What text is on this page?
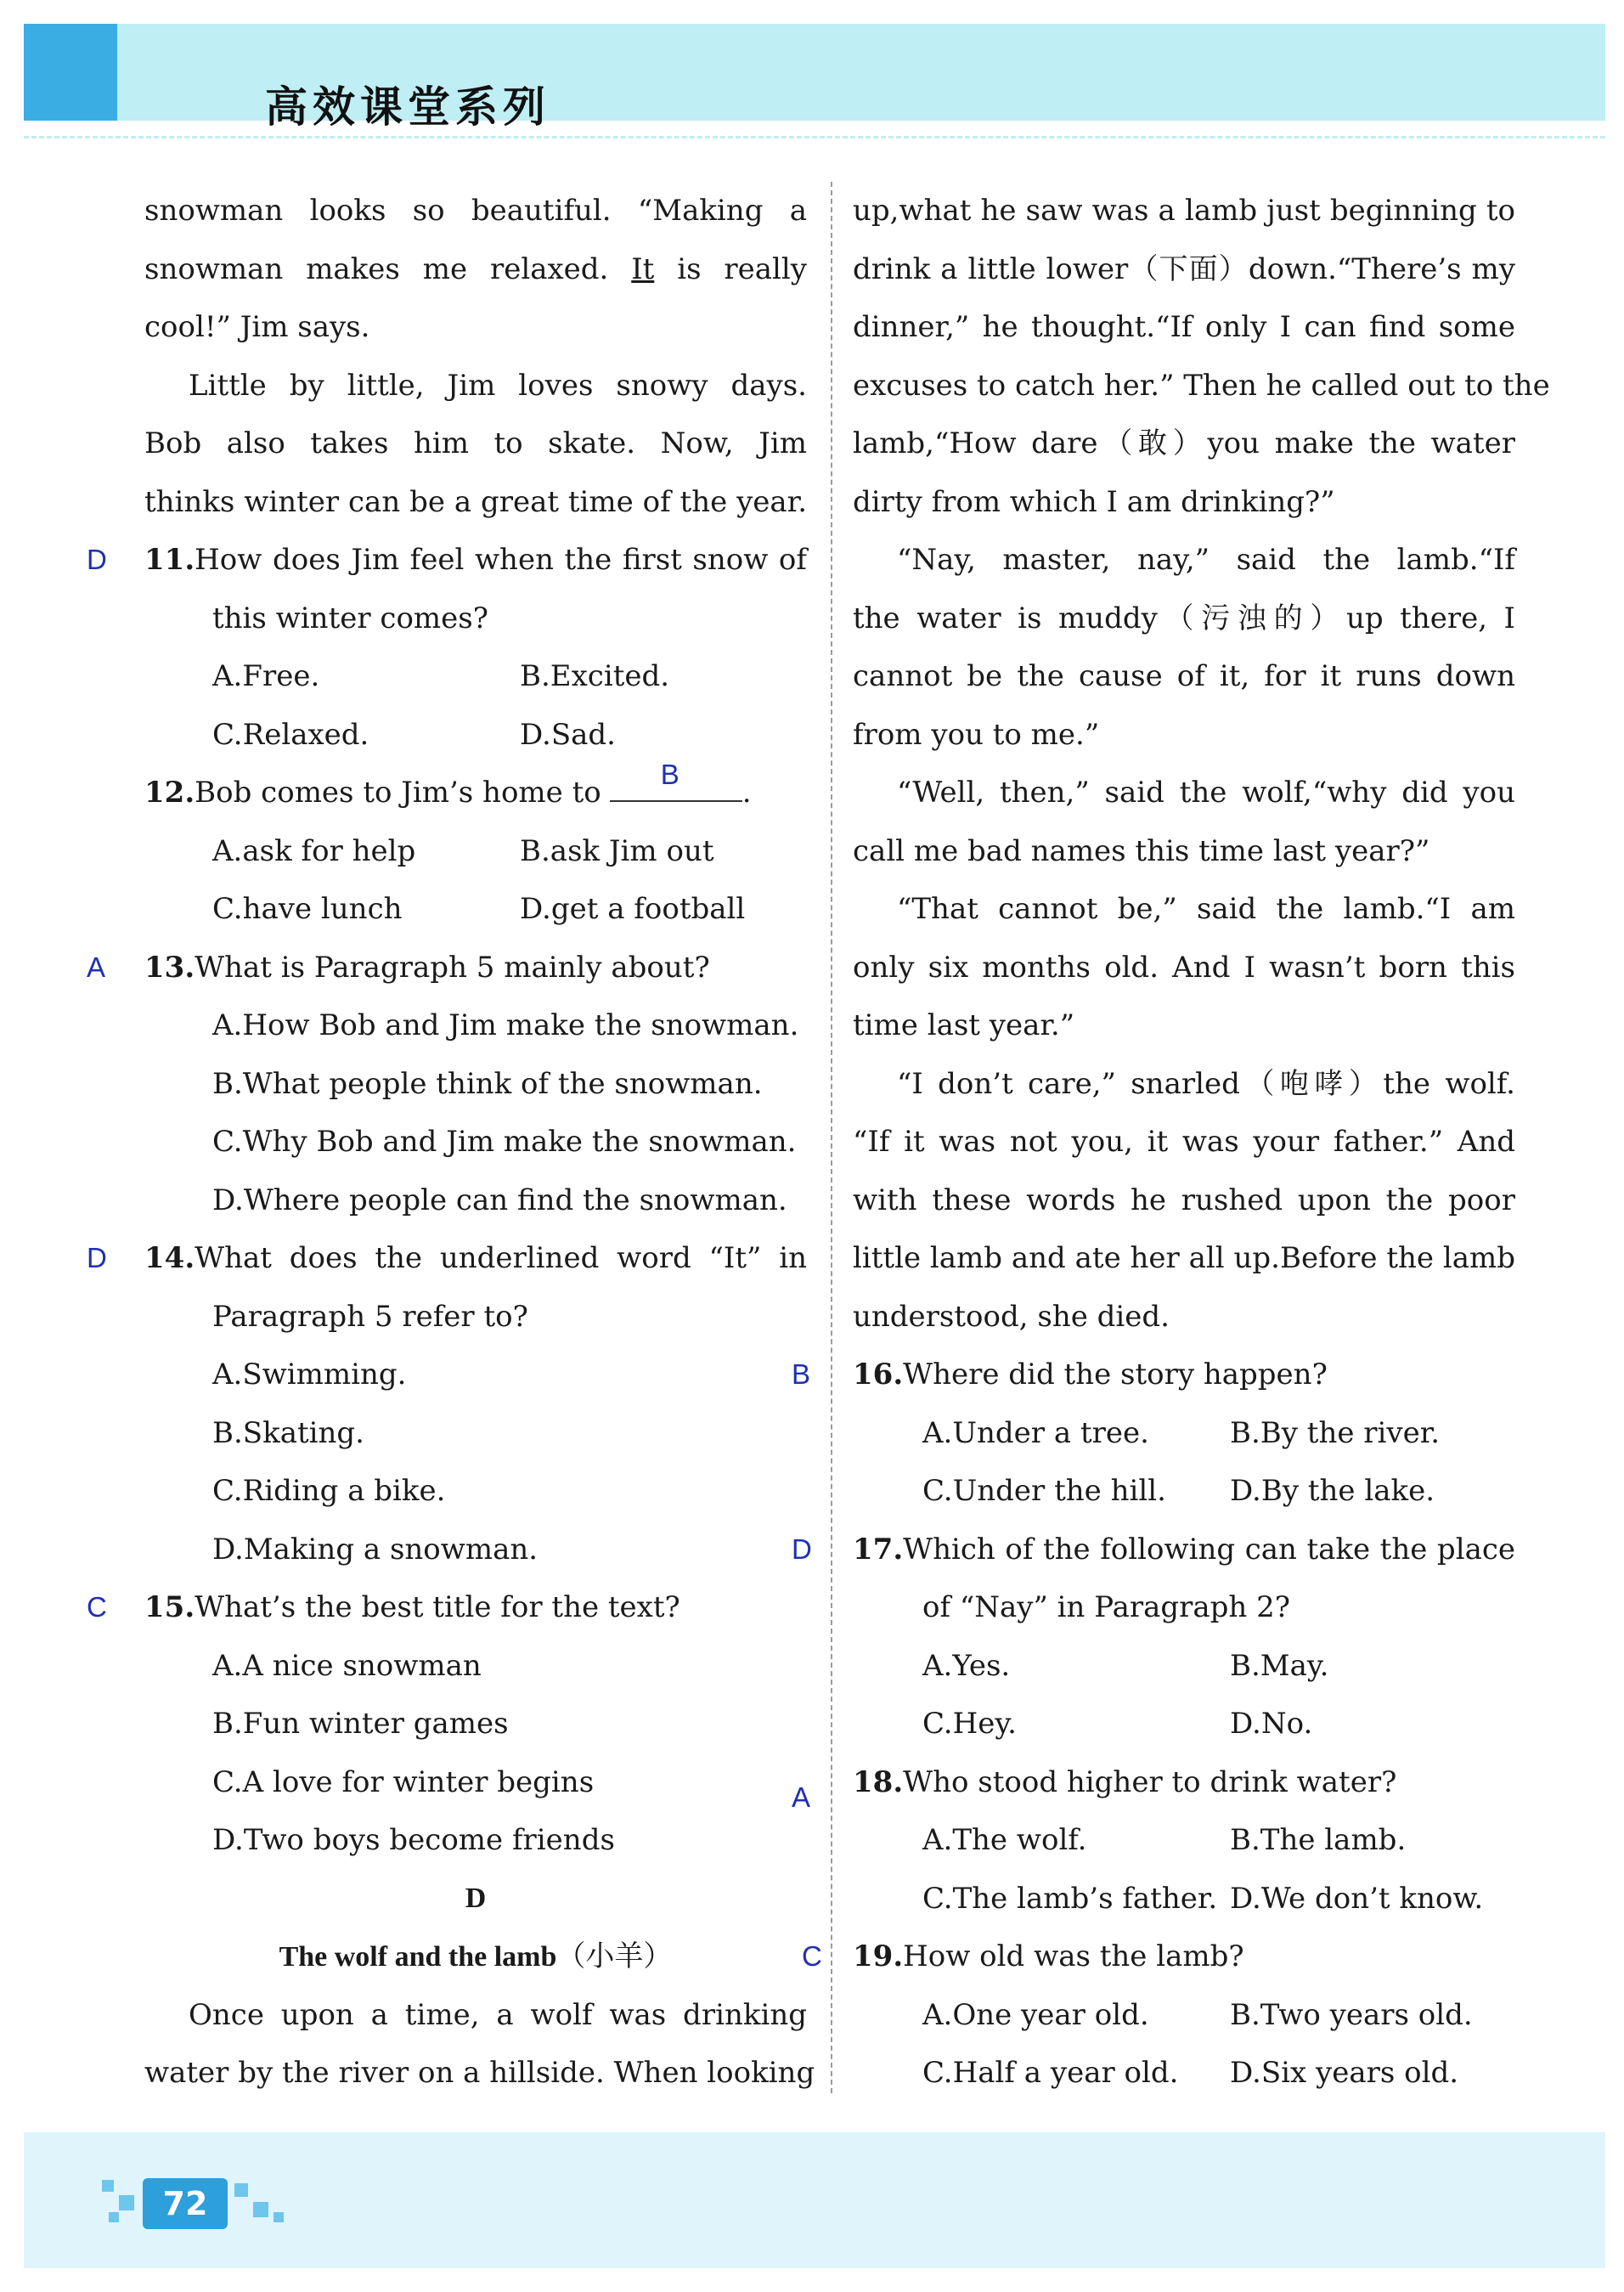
高效课堂系列
snowman looks so beautiful. “Making a
snowman makes me relaxed. It is really
cool!” Jim says.
Little by little, Jim loves snowy days.
Bob also takes him to skate. Now, Jim
thinks winter can be a great time of the year.
D 11.How does Jim feel when the first snow of
this winter comes?
A.Free.	B.Excited.
C.Relaxed.	D.Sad.
12.Bob comes to Jim’s home to
B
.
A.ask for help	B.ask Jim out
C.have lunch	D.get a football
A 13.What is Paragraph 5 mainly about?
A.How Bob and Jim make the snowman.
B.What people think of the snowman.
C.Why Bob and Jim make the snowman.
D.Where people can find the snowman.
D 14.What does the underlined word “It” in
Paragraph 5 refer to?
A.Swimming.
B.Skating.
C.Riding a bike.
D.Making a snowman.
C 15.What’s the best title for the text?
A.A nice snowman
B.Fun winter games
C.A love for winter begins
D.Two boys become friends
D
The wolf and the lamb（小羊）
Once upon a time, a wolf was drinking
water by the river on a hillside. When looking
up,what he saw was a lamb just beginning to
drink a little lower（下面）down.“There’s my
dinner,” he thought.“If only I can find some
excuses to catch her.” Then he called out to the
lamb,“How dare（敢）you make the water
dirty from which I am drinking?”
“Nay, master, nay,” said the lamb.“If
the water is muddy（污浊的）up there, I
cannot be the cause of it, for it runs down
from you to me.”
“Well, then,” said the wolf,“why did you
call me bad names this time last year?”
“That cannot be,” said the lamb.“I am
only six months old. And I wasn’t born this
time last year.”
“I don’t care,” snarled（咆哮）the wolf.
“If it was not you, it was your father.” And
with these words he rushed upon the poor
little lamb and ate her all up.Before the lamb
understood, she died.
B 16.Where did the story happen?
A.Under a tree.	B.By the river.
C.Under the hill.	D.By the lake.
D 17.Which of the following can take the place
of “Nay” in Paragraph 2?
A.Yes.	B.May.
C.Hey.	D.No.
A 18.Who stood higher to drink water?
A.The wolf.	B.The lamb.
C.The lamb’s father. D.We don’t know.
C 19.How old was the lamb?
A.One year old.	B.Two years old.
C.Half a year old.	D.Six years old.
72
